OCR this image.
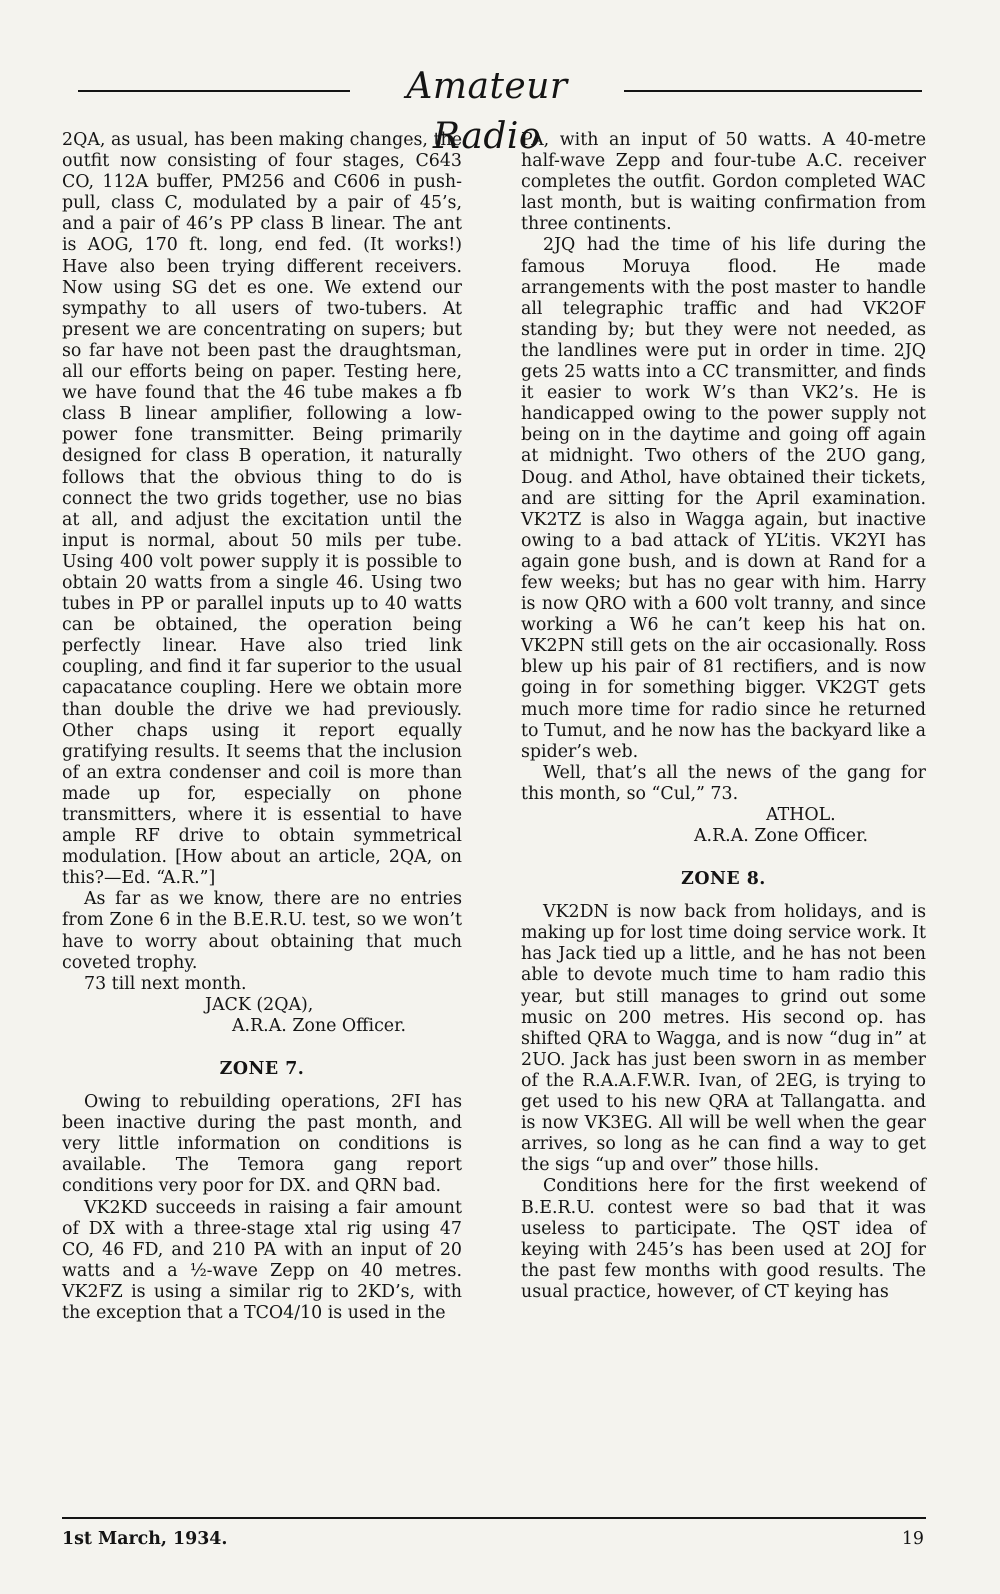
Amateur Radio

2QA, as usual, has been making changes, the outfit now consisting of four stages, C643 CO, 112A buffer, PM256 and C606 in push-pull, class C, modulated by a pair of 45’s, and a pair of 46’s PP class B linear. The ant is AOG, 170 ft. long, end fed. (It works!) Have also been trying different receivers. Now using SG det es one. We extend our sympathy to all users of two-tubers. At present we are concentrating on supers; but so far have not been past the draughtsman, all our efforts being on paper. Testing here, we have found that the 46 tube makes a fb class B linear amplifier, following a low-power fone transmitter. Being primarily designed for class B operation, it naturally follows that the obvious thing to do is connect the two grids together, use no bias at all, and adjust the excitation until the input is normal, about 50 mils per tube. Using 400 volt power supply it is possible to obtain 20 watts from a single 46. Using two tubes in PP or parallel inputs up to 40 watts can be obtained, the operation being perfectly linear. Have also tried link coupling, and find it far superior to the usual capacatance coupling. Here we obtain more than double the drive we had previously. Other chaps using it report equally gratifying results. It seems that the inclusion of an extra condenser and coil is more than made up for, especially on phone transmitters, where it is essential to have ample RF drive to obtain symmetrical modulation. [How about an article, 2QA, on this?—Ed. “A.R.”]

As far as we know, there are no entries from Zone 6 in the B.E.R.U. test, so we won’t have to worry about obtaining that much coveted trophy.

73 till next month.

JACK (2QA),
A.R.A. Zone Officer.
ZONE 7.

Owing to rebuilding operations, 2FI has been inactive during the past month, and very little information on conditions is available. The Temora gang report conditions very poor for DX. and QRN bad.

VK2KD succeeds in raising a fair amount of DX with a three-stage xtal rig using 47 CO, 46 FD, and 210 PA with an input of 20 watts and a ½-wave Zepp on 40 metres. VK2FZ is using a similar rig to 2KD’s, with the exception that a TCO4/10 is used in the

PA, with an input of 50 watts. A 40-metre half-wave Zepp and four-tube A.C. receiver completes the outfit. Gordon completed WAC last month, but is waiting confirmation from three continents.

2JQ had the time of his life during the famous Moruya flood. He made arrangements with the post master to handle all telegraphic traffic and had VK2OF standing by; but they were not needed, as the landlines were put in order in time. 2JQ gets 25 watts into a CC transmitter, and finds it easier to work W’s than VK2’s. He is handicapped owing to the power supply not being on in the daytime and going off again at midnight. Two others of the 2UO gang, Doug. and Athol, have obtained their tickets, and are sitting for the April examination. VK2TZ is also in Wagga again, but inactive owing to a bad attack of YL’itis. VK2YI has again gone bush, and is down at Rand for a few weeks; but has no gear with him. Harry is now QRO with a 600 volt tranny, and since working a W6 he can’t keep his hat on. VK2PN still gets on the air occasionally. Ross blew up his pair of 81 rectifiers, and is now going in for something bigger. VK2GT gets much more time for radio since he returned to Tumut, and he now has the backyard like a spider’s web.

Well, that’s all the news of the gang for this month, so “Cul,” 73.

ATHOL.
A.R.A. Zone Officer.
ZONE 8.

VK2DN is now back from holidays, and is making up for lost time doing service work. It has Jack tied up a little, and he has not been able to devote much time to ham radio this year, but still manages to grind out some music on 200 metres. His second op. has shifted QRA to Wagga, and is now “dug in” at 2UO. Jack has just been sworn in as member of the R.A.A.F.W.R. Ivan, of 2EG, is trying to get used to his new QRA at Tallangatta. and is now VK3EG. All will be well when the gear arrives, so long as he can find a way to get the sigs “up and over” those hills.

Conditions here for the first weekend of B.E.R.U. contest were so bad that it was useless to participate. The QST idea of keying with 245’s has been used at 2OJ for the past few months with good results. The usual practice, however, of CT keying has

1st March, 1934.	19
